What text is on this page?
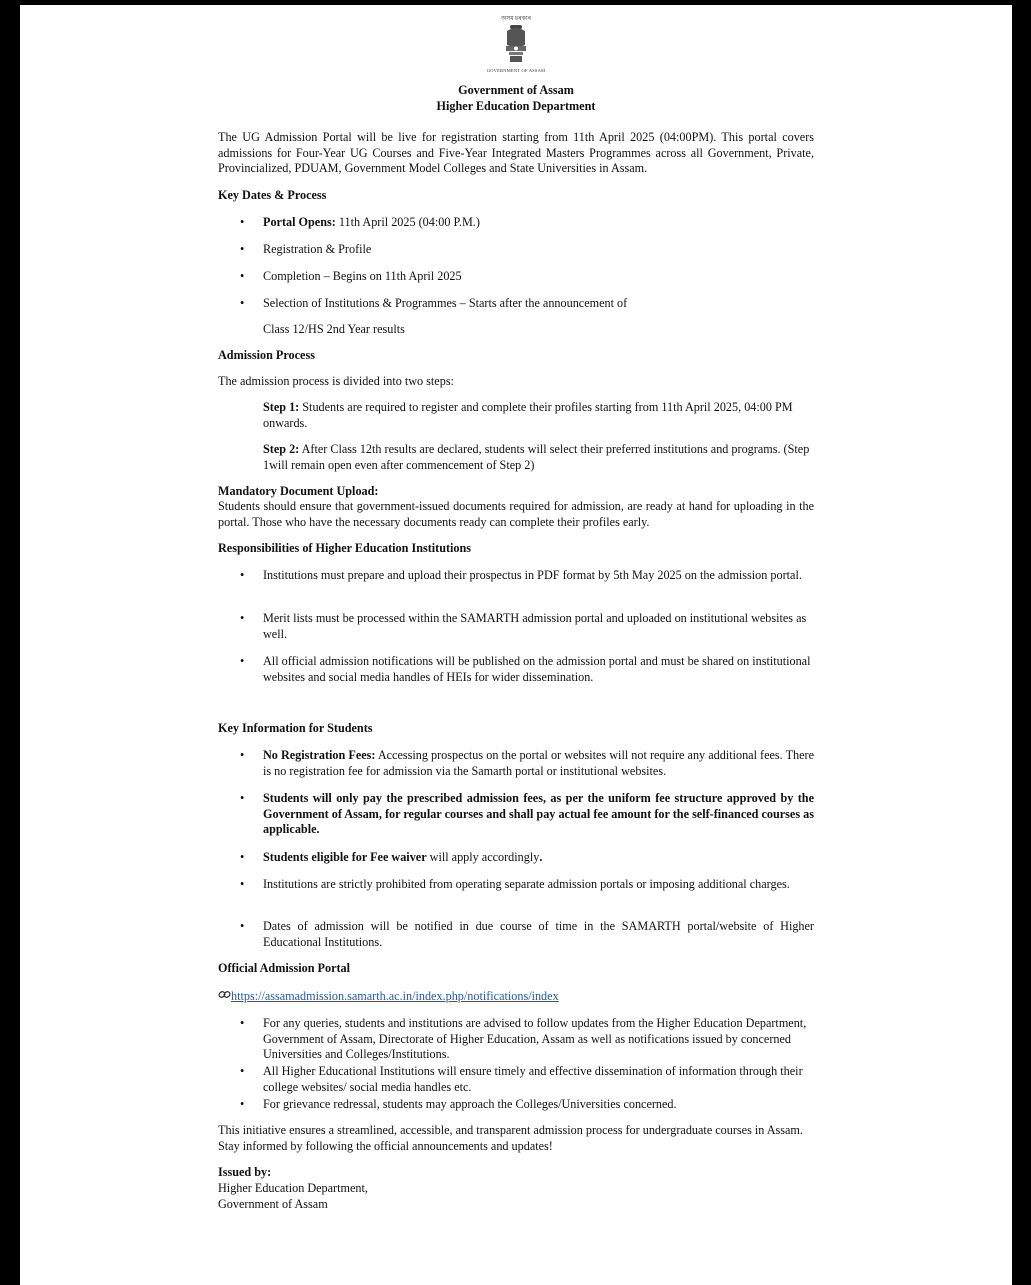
অসম চৰকাৰ
GOVERNMENT OF ASSAM
Government of Assam
Higher Education Department
The UG Admission Portal will be live for registration starting from 11th April 2025 (04:00PM). This portal covers admissions for Four-Year UG Courses and Five-Year Integrated Masters Programmes across all Government, Private, Provincialized, PDUAM, Government Model Colleges and State Universities in Assam.
Key Dates & Process
•	Portal Opens: 11th April 2025 (04:00 P.M.)
•	Registration & Profile
•	Completion – Begins on 11th April 2025
•	Selection of Institutions & Programmes – Starts after the announcement of
Class 12/HS 2nd Year results
Admission Process
The admission process is divided into two steps:
Step 1: Students are required to register and complete their profiles starting from 11th April 2025, 04:00 PM onwards.
Step 2: After Class 12th results are declared, students will select their preferred institutions and programs. (Step 1will remain open even after commencement of Step 2)
Mandatory Document Upload:
Students should ensure that government-issued documents required for admission, are ready at hand for uploading in the portal. Those who have the necessary documents ready can complete their profiles early.
Responsibilities of Higher Education Institutions
•	Institutions must prepare and upload their prospectus in PDF format by 5th May 2025 on the admission portal.
•	Merit lists must be processed within the SAMARTH admission portal and uploaded on institutional websites as well.
•	All official admission notifications will be published on the admission portal and must be shared on institutional websites and social media handles of HEIs for wider dissemination.
Key Information for Students
•	No Registration Fees: Accessing prospectus on the portal or websites will not require any additional fees. There is no registration fee for admission via the Samarth portal or institutional websites.
•	Students will only pay the prescribed admission fees, as per the uniform fee structure approved by the Government of Assam, for regular courses and shall pay actual fee amount for the self-financed courses as applicable.
•	Students eligible for Fee waiver will apply accordingly.
•	Institutions are strictly prohibited from operating separate admission portals or imposing additional charges.
•	Dates of admission will be notified in due course of time in the SAMARTH portal/website of Higher Educational Institutions.
Official Admission Portal
https://assamadmission.samarth.ac.in/index.php/notifications/index
•	For any queries, students and institutions are advised to follow updates from the Higher Education Department, Government of Assam, Directorate of Higher Education, Assam as well as notifications issued by concerned Universities and Colleges/Institutions.
•	All Higher Educational Institutions will ensure timely and effective dissemination of information through their college websites/ social media handles etc.
•	For grievance redressal, students may approach the Colleges/Universities concerned.
This initiative ensures a streamlined, accessible, and transparent admission process for undergraduate courses in Assam. Stay informed by following the official announcements and updates!
Issued by:
Higher Education Department,
Government of Assam
